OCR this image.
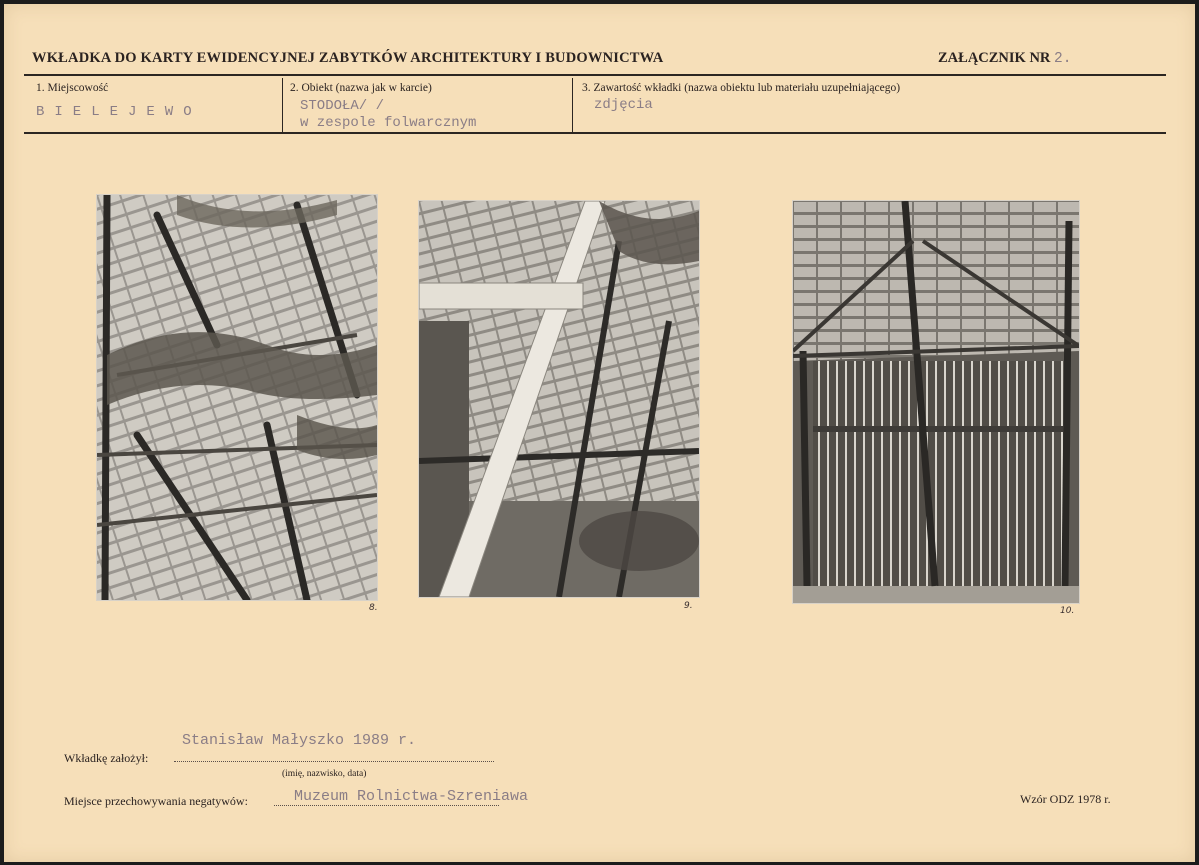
WKŁADKA DO KARTY EWIDENCYJNEJ ZABYTKÓW ARCHITEKTURY I BUDOWNICTWA	ZAŁĄCZNIK NR 2.
1. Miejscowość
BIELEJEWO
2. Obiekt (nazwa jak w karcie)
STODOŁA/ /
w zespole folwarcznym
3. Zawartość wkładki (nazwa obiektu lub materiału uzupełniającego)
zdjęcia
8.	9.	10.
Wkładkę założył:
Stanisław Małyszko 1989 r.
(imię, nazwisko, data)
Miejsce przechowywania negatywów:	Muzeum Rolnictwa-Szreniawa	Wzór ODZ 1978 r.
